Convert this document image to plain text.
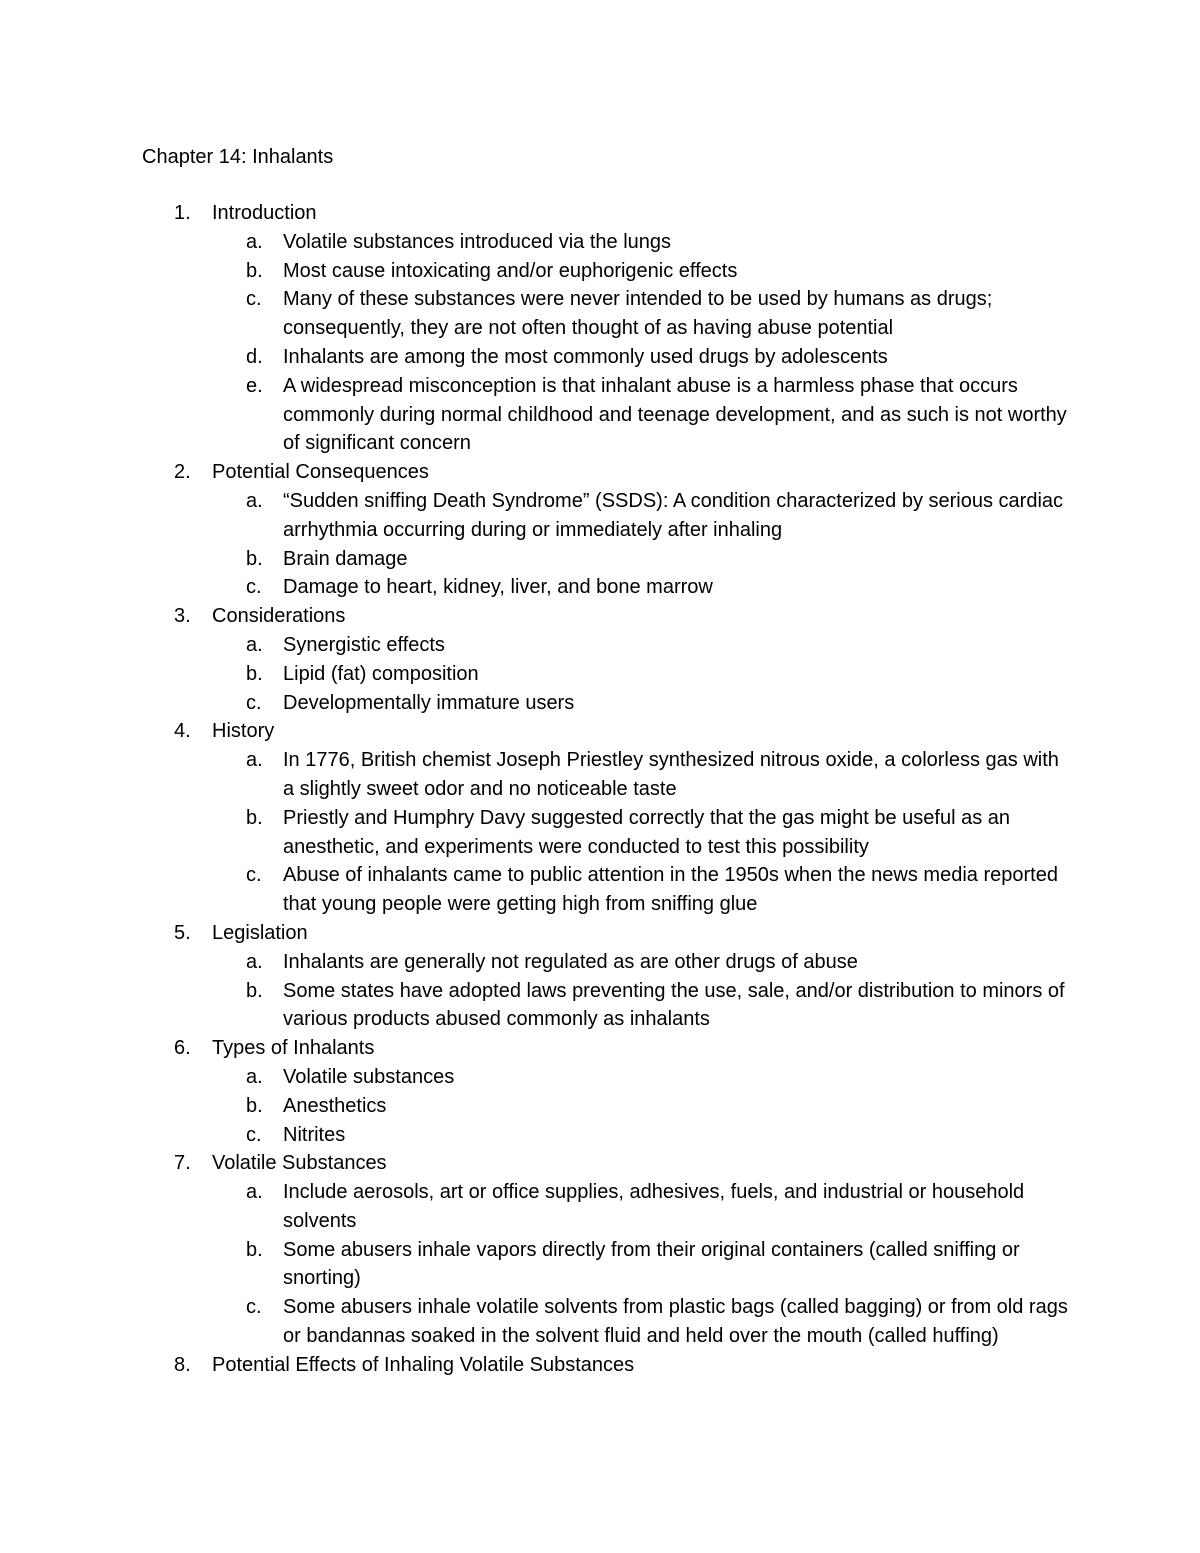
Chapter 14: Inhalants
1. Introduction
a. Volatile substances introduced via the lungs
b. Most cause intoxicating and/or euphorigenic effects
c. Many of these substances were never intended to be used by humans as drugs; consequently, they are not often thought of as having abuse potential
d. Inhalants are among the most commonly used drugs by adolescents
e. A widespread misconception is that inhalant abuse is a harmless phase that occurs commonly during normal childhood and teenage development, and as such is not worthy of significant concern
2. Potential Consequences
a. “Sudden sniffing Death Syndrome” (SSDS): A condition characterized by serious cardiac arrhythmia occurring during or immediately after inhaling
b. Brain damage
c. Damage to heart, kidney, liver, and bone marrow
3. Considerations
a. Synergistic effects
b. Lipid (fat) composition
c. Developmentally immature users
4. History
a. In 1776, British chemist Joseph Priestley synthesized nitrous oxide, a colorless gas with a slightly sweet odor and no noticeable taste
b. Priestly and Humphry Davy suggested correctly that the gas might be useful as an anesthetic, and experiments were conducted to test this possibility
c. Abuse of inhalants came to public attention in the 1950s when the news media reported that young people were getting high from sniffing glue
5. Legislation
a. Inhalants are generally not regulated as are other drugs of abuse
b. Some states have adopted laws preventing the use, sale, and/or distribution to minors of various products abused commonly as inhalants
6. Types of Inhalants
a. Volatile substances
b. Anesthetics
c. Nitrites
7. Volatile Substances
a. Include aerosols, art or office supplies, adhesives, fuels, and industrial or household solvents
b. Some abusers inhale vapors directly from their original containers (called sniffing or snorting)
c. Some abusers inhale volatile solvents from plastic bags (called bagging) or from old rags or bandannas soaked in the solvent fluid and held over the mouth (called huffing)
8. Potential Effects of Inhaling Volatile Substances
